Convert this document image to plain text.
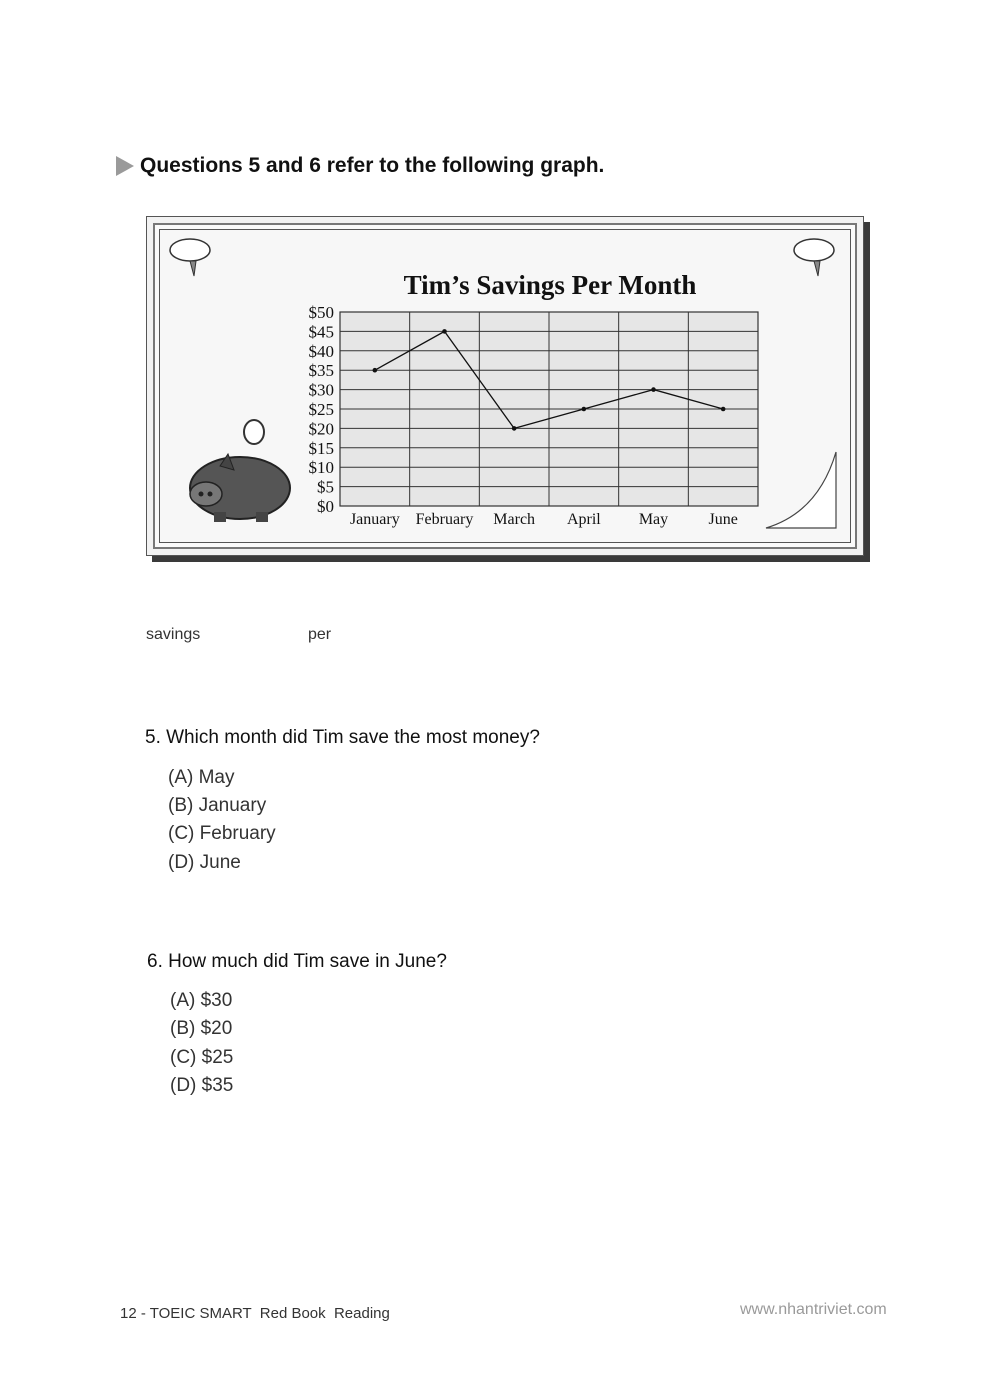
Questions 5 and 6 refer to the following graph.
Tim’s Savings Per Month
$50
$45
$40
$35
$30
$25
$20
$15
$10
$5
$0
January February March April May	June
savings	per
5. Which month did Tim save the most money?
(A) May
(B) January
(C) February
(D) June
6. How much did Tim save in June?
(A) $30
(B) $20
(C) $25
(D) $35
12 - TOEIC SMART  Red Book  Reading	www.nhantriviet.com
